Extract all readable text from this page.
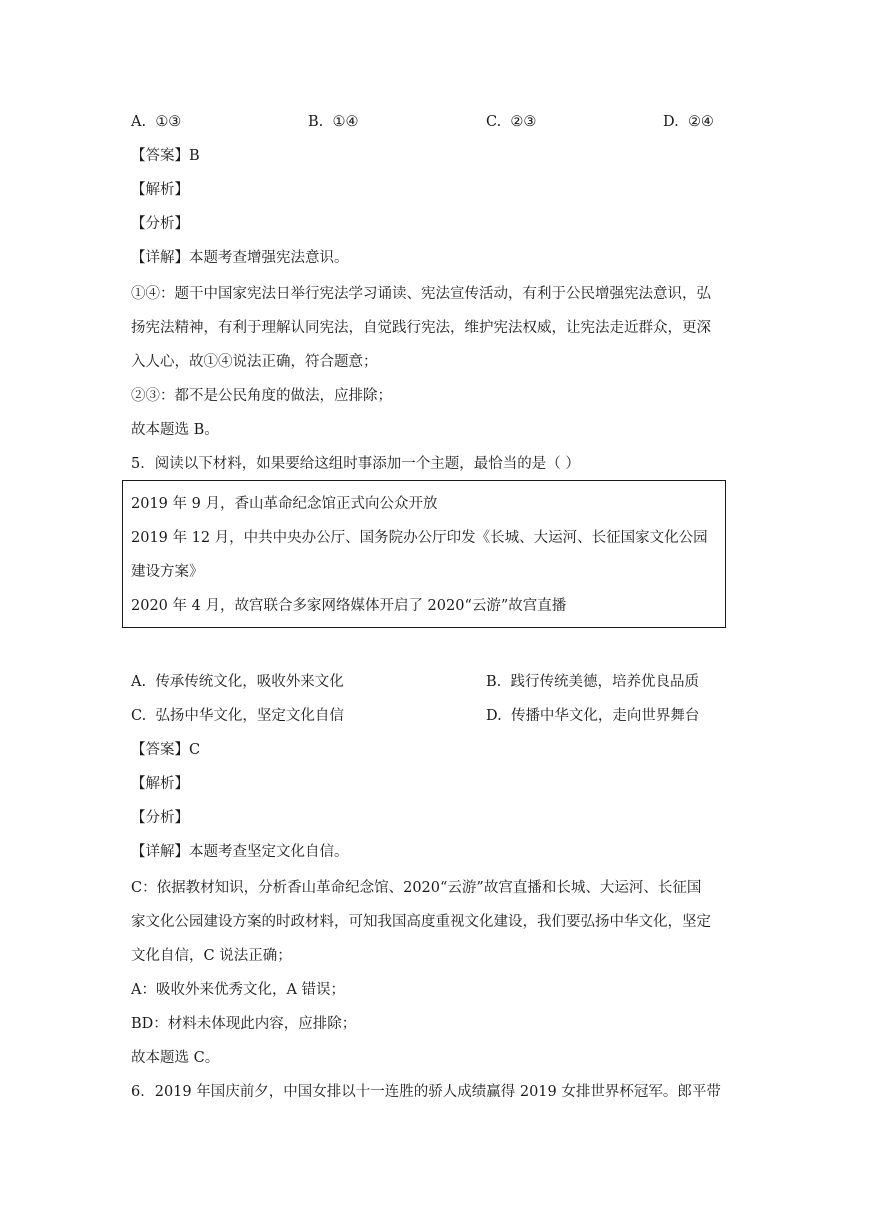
A. ①③	B. ①④	C. ②③	D. ②④
【答案】B
【解析】
【分析】
【详解】本题考查增强宪法意识。
①④：题干中国家宪法日举行宪法学习诵读、宪法宣传活动，有利于公民增强宪法意识，弘
扬宪法精神，有利于理解认同宪法，自觉践行宪法，维护宪法权威，让宪法走近群众，更深
入人心，故①④说法正确，符合题意；
②③：都不是公民角度的做法，应排除；
故本题选 B。
5．阅读以下材料，如果要给这组时事添加一个主题，最恰当的是（ ）
2019 年 9 月，香山革命纪念馆正式向公众开放
2019 年 12 月，中共中央办公厅、国务院办公厅印发《长城、大运河、长征国家文化公园
建设方案》
2020 年 4 月，故宫联合多家网络媒体开启了 2020“云游”故宫直播
A. 传承传统文化，吸收外来文化	B. 践行传统美德，培养优良品质
C. 弘扬中华文化，坚定文化自信	D. 传播中华文化，走向世界舞台
【答案】C
【解析】
【分析】
【详解】本题考查坚定文化自信。
C：依据教材知识，分析香山革命纪念馆、2020“云游”故宫直播和长城、大运河、长征国
家文化公园建设方案的时政材料，可知我国高度重视文化建设，我们要弘扬中华文化，坚定
文化自信，C 说法正确；
A：吸收外来优秀文化，A 错误；
BD：材料未体现此内容，应排除；
故本题选 C。
6．2019 年国庆前夕，中国女排以十一连胜的骄人成绩赢得 2019 女排世界杯冠军。郎平带
